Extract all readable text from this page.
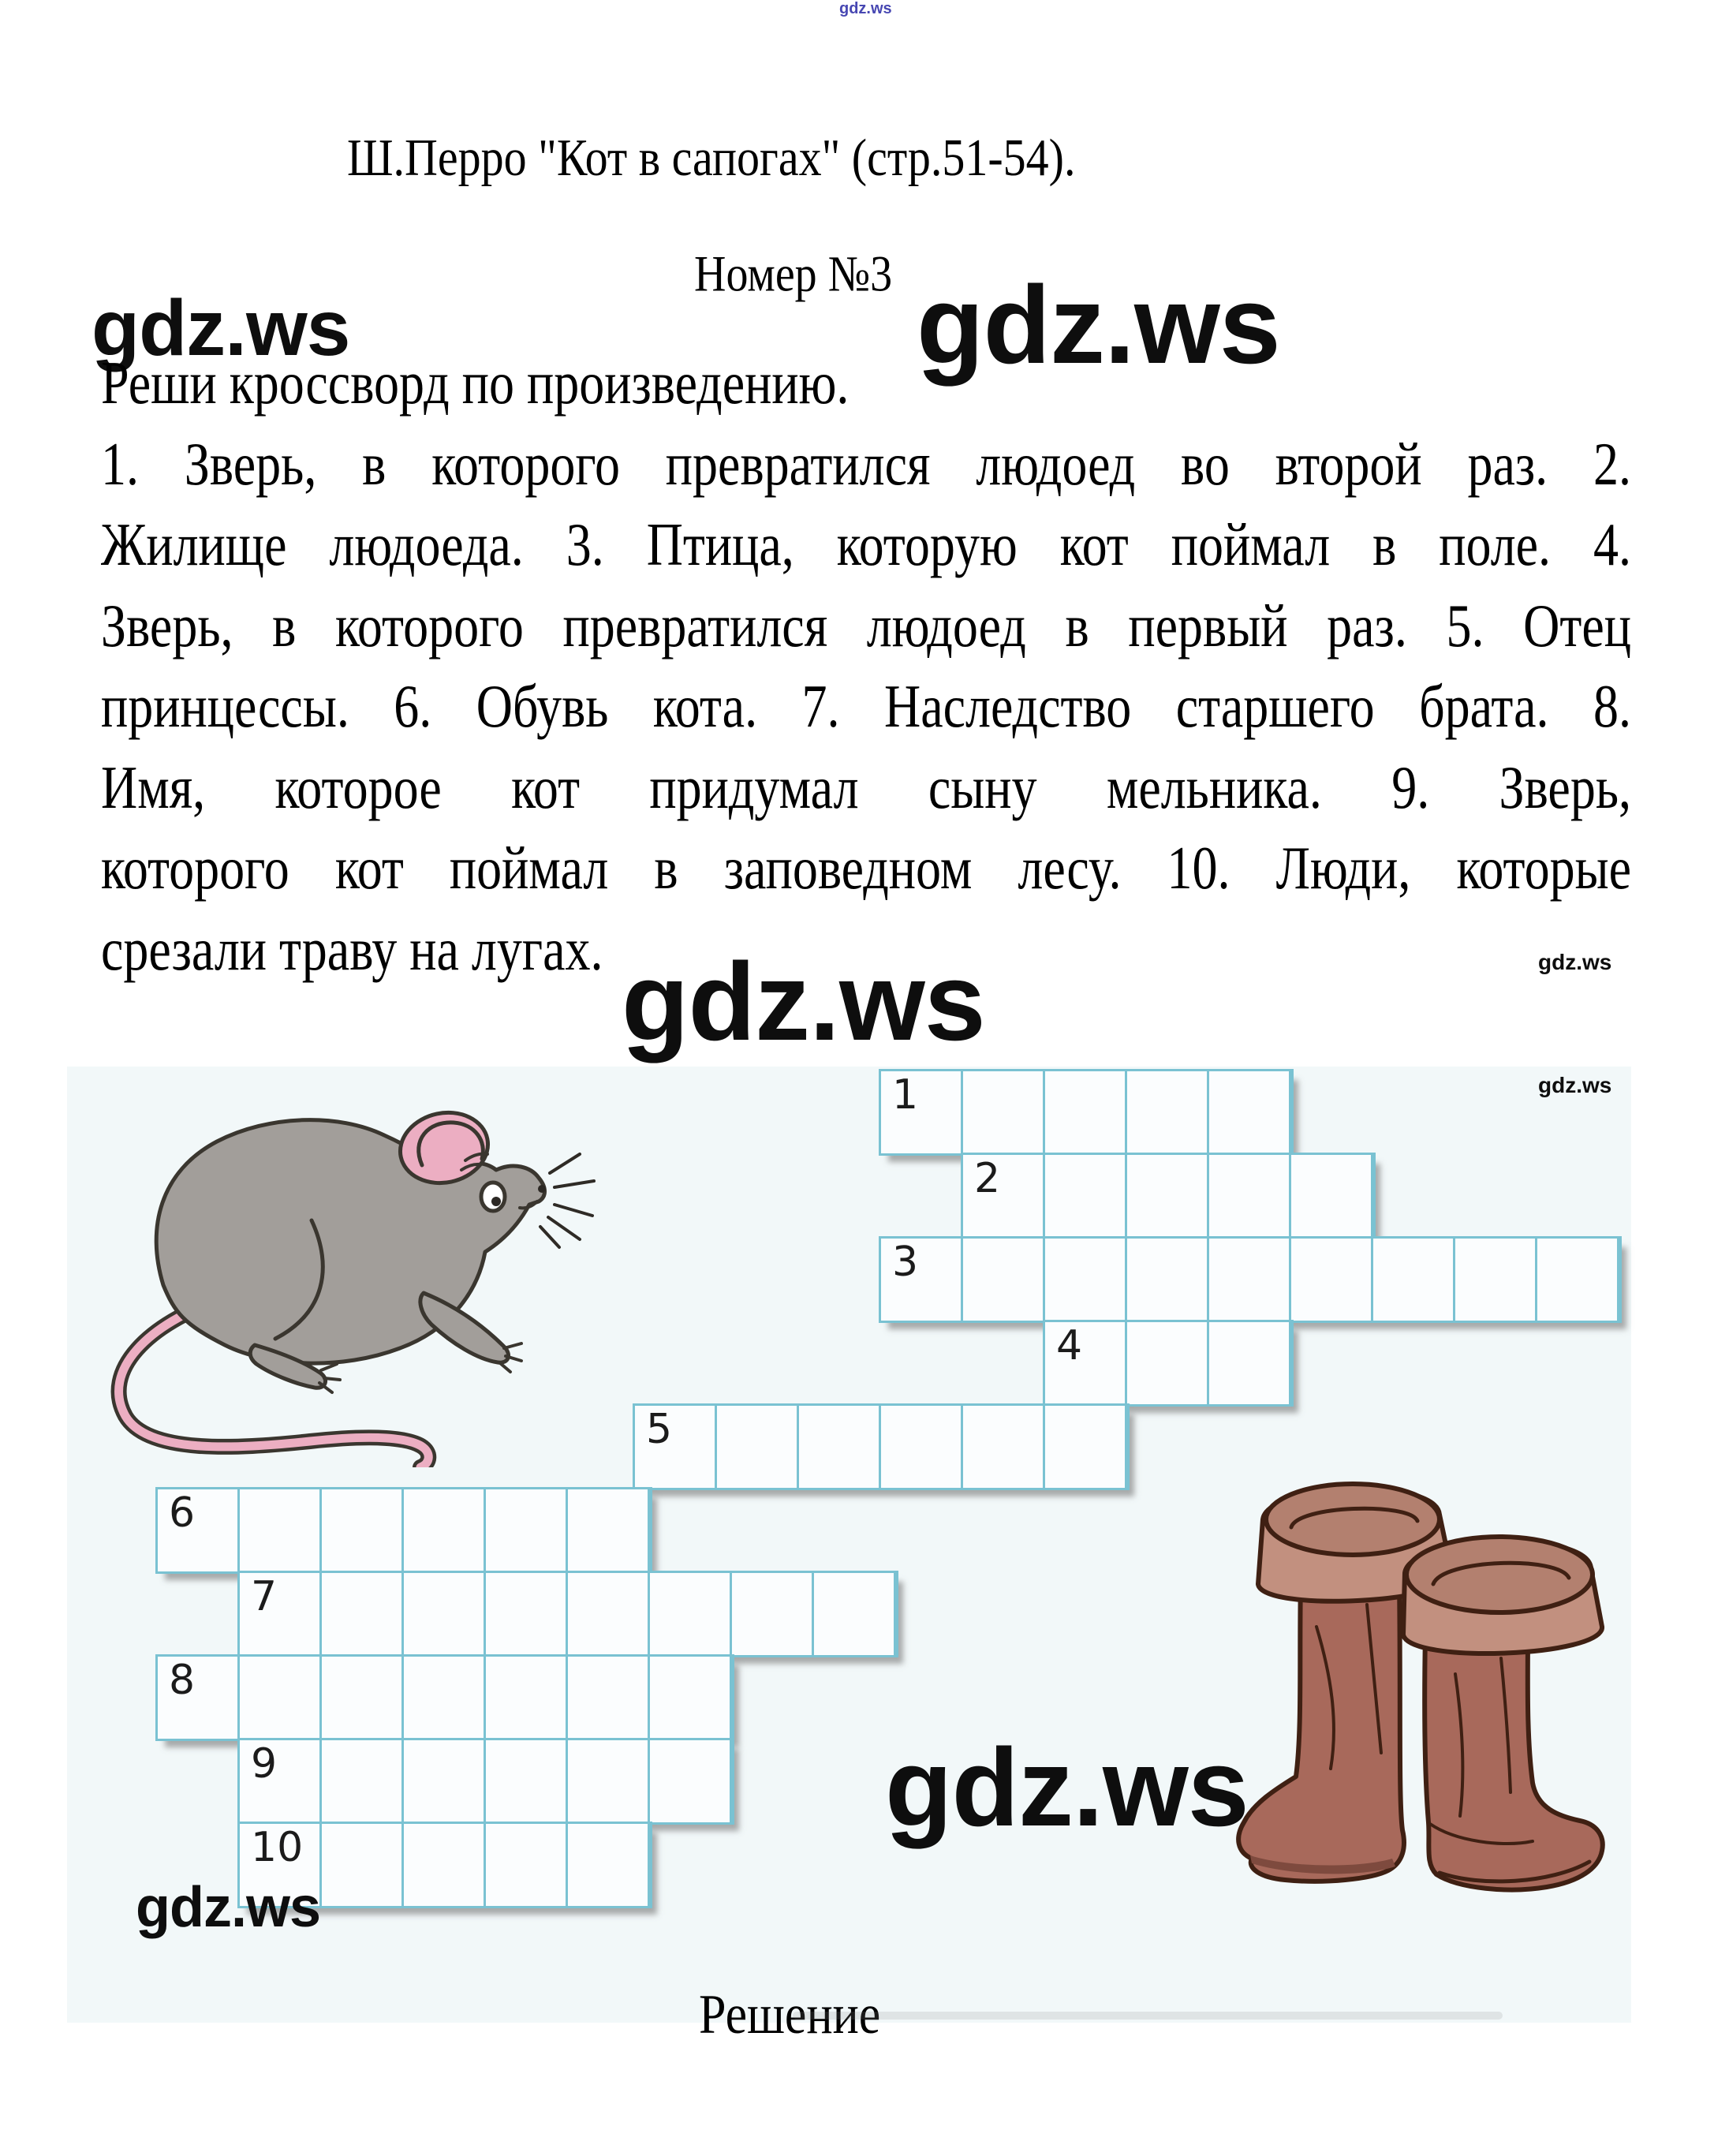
gdz.ws
gdz.ws	gdz.ws
gdz.ws	gdz.ws
gdz.ws
gdz.ws
gdz.ws
Ш.Перро "Кот в сапогах" (стр.51-54).
Номер №3
Реши кроссворд по произведению.
1. Зверь, в которого превратился людоед во второй раз. 2.
Жилище людоеда. 3. Птица, которую кот поймал в поле. 4.
Зверь, в которого превратился людоед в первый раз. 5. Отец
принцессы. 6. Обувь кота. 7. Наследство старшего брата. 8.
Имя, которое кот придумал сыну мельника. 9. Зверь,
которого кот поймал в заповедном лесу. 10. Люди, которые
срезали траву на лугах.
1
2
3
4
5
6
7
8
9
10
Решение
